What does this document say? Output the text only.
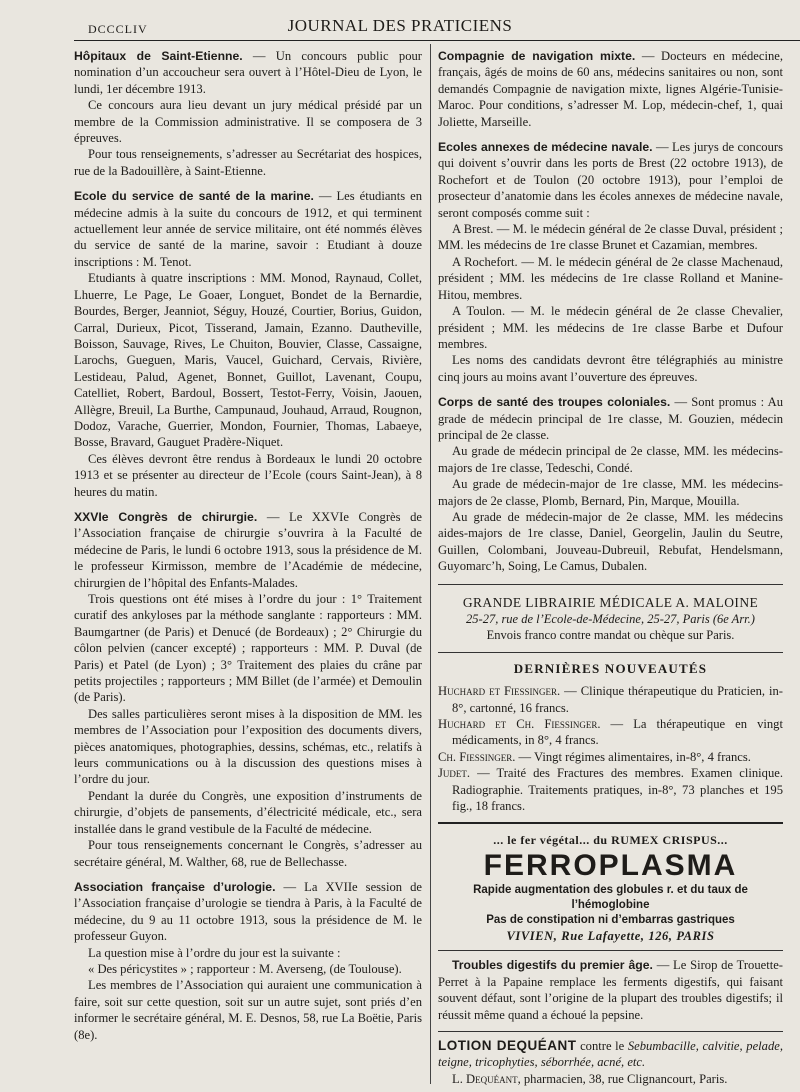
DCCCLIV	JOURNAL DES PRATICIENS

Hôpitaux de Saint-Etienne. — Un concours public pour nomination d’un accoucheur sera ouvert à l’Hôtel-Dieu de Lyon, le lundi, 1er décembre 1913.

Ce concours aura lieu devant un jury médical présidé par un membre de la Commission administrative. Il se composera de 3 épreuves.

Pour tous renseignements, s’adresser au Secrétariat des hospices, rue de la Badouillère, à Saint-Etienne.

Ecole du service de santé de la marine. — Les étudiants en médecine admis à la suite du concours de 1912, et qui terminent actuellement leur année de service militaire, ont été nommés élèves du service de santé de la marine, savoir : Etudiant à douze inscriptions : M. Tenot.

Etudiants à quatre inscriptions : MM. Monod, Raynaud, Collet, Lhuerre, Le Page, Le Goaer, Longuet, Bondet de la Bernardie, Bourdes, Berger, Jeanniot, Séguy, Houzé, Courtier, Borius, Guidon, Carral, Durieux, Picot, Tisserand, Jamain, Ezanno. Dautheville, Boisson, Sauvage, Rives, Le Chuiton, Bouvier, Classe, Cassaigne, Larochs, Gueguen, Maris, Vaucel, Guichard, Cervais, Rivière, Lestideau, Palud, Agenet, Bonnet, Guillot, Lavenant, Coupu, Catelliet, Robert, Bardoul, Bossert, Testot-Ferry, Voisin, Jaouen, Allègre, Breuil, La Burthe, Campunaud, Jouhaud, Arraud, Rougnon, Dodoz, Varache, Guerrier, Mondon, Fournier, Thomas, Labaeye, Bosse, Bravard, Gauguet Pradère-Niquet.

Ces élèves devront être rendus à Bordeaux le lundi 20 octobre 1913 et se présenter au directeur de l’Ecole (cours Saint-Jean), à 8 heures du matin.

XXVIe Congrès de chirurgie. — Le XXVIe Congrès de l’Association française de chirurgie s’ouvrira à la Faculté de médecine de Paris, le lundi 6 octobre 1913, sous la présidence de M. le professeur Kirmisson, membre de l’Académie de médecine, chirurgien de l’hôpital des Enfants-Malades.

Trois questions ont été mises à l’ordre du jour : 1° Traitement curatif des ankyloses par la méthode sanglante : rapporteurs : MM. Baumgartner (de Paris) et Denucé (de Bordeaux) ; 2° Chirurgie du côlon pelvien (cancer excepté) ; rapporteurs : MM. P. Duval (de Paris) et Patel (de Lyon) ; 3° Traitement des plaies du crâne par petits projectiles ; rapporteurs ; MM Billet (de l’armée) et Demoulin (de Paris).

Des salles particulières seront mises à la disposition de MM. les membres de l’Association pour l’exposition des documents divers, pièces anatomiques, photographies, dessins, schémas, etc., relatifs à leurs communications ou à la discussion des questions mises à l’ordre du jour.

Pendant la durée du Congrès, une exposition d’instruments de chirurgie, d’objets de pansements, d’électricité médicale, etc., sera installée dans le grand vestibule de la Faculté de médecine.

Pour tous renseignements concernant le Congrès, s’adresser au secrétaire général, M. Walther, 68, rue de Bellechasse.

Association française d’urologie. — La XVIIe session de l’Association française d’urologie se tiendra à Paris, à la Faculté de médecine, du 9 au 11 octobre 1913, sous la présidence de M. le professeur Guyon.

La question mise à l’ordre du jour est la suivante :

« Des péricystites » ; rapporteur : M. Averseng, (de Toulouse).

Les membres de l’Association qui auraient une communication à faire, soit sur cette question, soit sur un autre sujet, sont priés d’en informer le secrétaire général, M. E. Desnos, 58, rue La Boëtie, Paris (8e).

Compagnie de navigation mixte. — Docteurs en médecine, français, âgés de moins de 60 ans, médecins sanitaires ou non, sont demandés Compagnie de navigation mixte, lignes Algérie-Tunisie-Maroc. Pour conditions, s’adresser M. Lop, médecin-chef, 1, quai Joliette, Marseille.

Ecoles annexes de médecine navale. — Les jurys de concours qui doivent s’ouvrir dans les ports de Brest (22 octobre 1913), de Rochefort et de Toulon (20 octobre 1913), pour l’emploi de prosecteur d’anatomie dans les écoles annexes de médecine navale, seront composés comme suit :

A Brest. — M. le médecin général de 2e classe Duval, président ; MM. les médecins de 1re classe Brunet et Cazamian, membres.

A Rochefort. — M. le médecin général de 2e classe Machenaud, président ; MM. les médecins de 1re classe Rolland et Manine-Hitou, membres.

A Toulon. — M. le médecin général de 2e classe Chevalier, président ; MM. les médecins de 1re classe Barbe et Dufour membres.

Les noms des candidats devront être télégraphiés au ministre cinq jours au moins avant l’ouverture des épreuves.

Corps de santé des troupes coloniales. — Sont promus : Au grade de médecin principal de 1re classe, M. Gouzien, médecin principal de 2e classe.

Au grade de médecin principal de 2e classe, MM. les médecins-majors de 1re classe, Tedeschi, Condé.

Au grade de médecin-major de 1re classe, MM. les médecins-majors de 2e classe, Plomb, Bernard, Pin, Marque, Mouilla.

Au grade de médecin-major de 2e classe, MM. les médecins aides-majors de 1re classe, Daniel, Georgelin, Jaulin du Seutre, Guillen, Colombani, Jouveau-Dubreuil, Rebufat, Hendelsmann, Guyomarc’h, Soing, Le Camus, Dubalen.

GRANDE LIBRAIRIE MÉDICALE A. MALOINE
25-27, rue de l’Ecole-de-Médecine, 25-27, Paris (6e Arr.)
Envois franco contre mandat ou chèque sur Paris.
DERNIÈRES NOUVEAUTÉS

Huchard et Fiessinger. — Clinique thérapeutique du Praticien, in-8°, cartonné, 16 francs.

Huchard et Ch. Fiessinger. — La thérapeutique en vingt médicaments, in 8°, 4 francs.

Ch. Fiessinger. — Vingt régimes alimentaires, in-8°, 4 francs.

Judet. — Traité des Fractures des membres. Examen clinique. Radiographie. Traitements pratiques, in-8°, 73 planches et 195 fig., 18 francs.

... le fer végétal... du RUMEX CRISPUS...
FERROPLASMA
Rapide augmentation des globules r. et du taux de l’hémoglobine
Pas de constipation ni d’embarras gastriques
VIVIEN, Rue Lafayette, 126, PARIS

Troubles digestifs du premier âge. — Le Sirop de Trouette-Perret à la Papaine remplace les ferments digestifs, qui faisant souvent défaut, sont l’origine de la plupart des troubles digestifs; il réussit même quand a échoué la pepsine.

LOTION DEQUÉANT contre le Sebumbacille, calvitie, pelade, teigne, tricophyties, séborrhée, acné, etc.

L. Dequéant, pharmacien, 38, rue Clignancourt, Paris.
